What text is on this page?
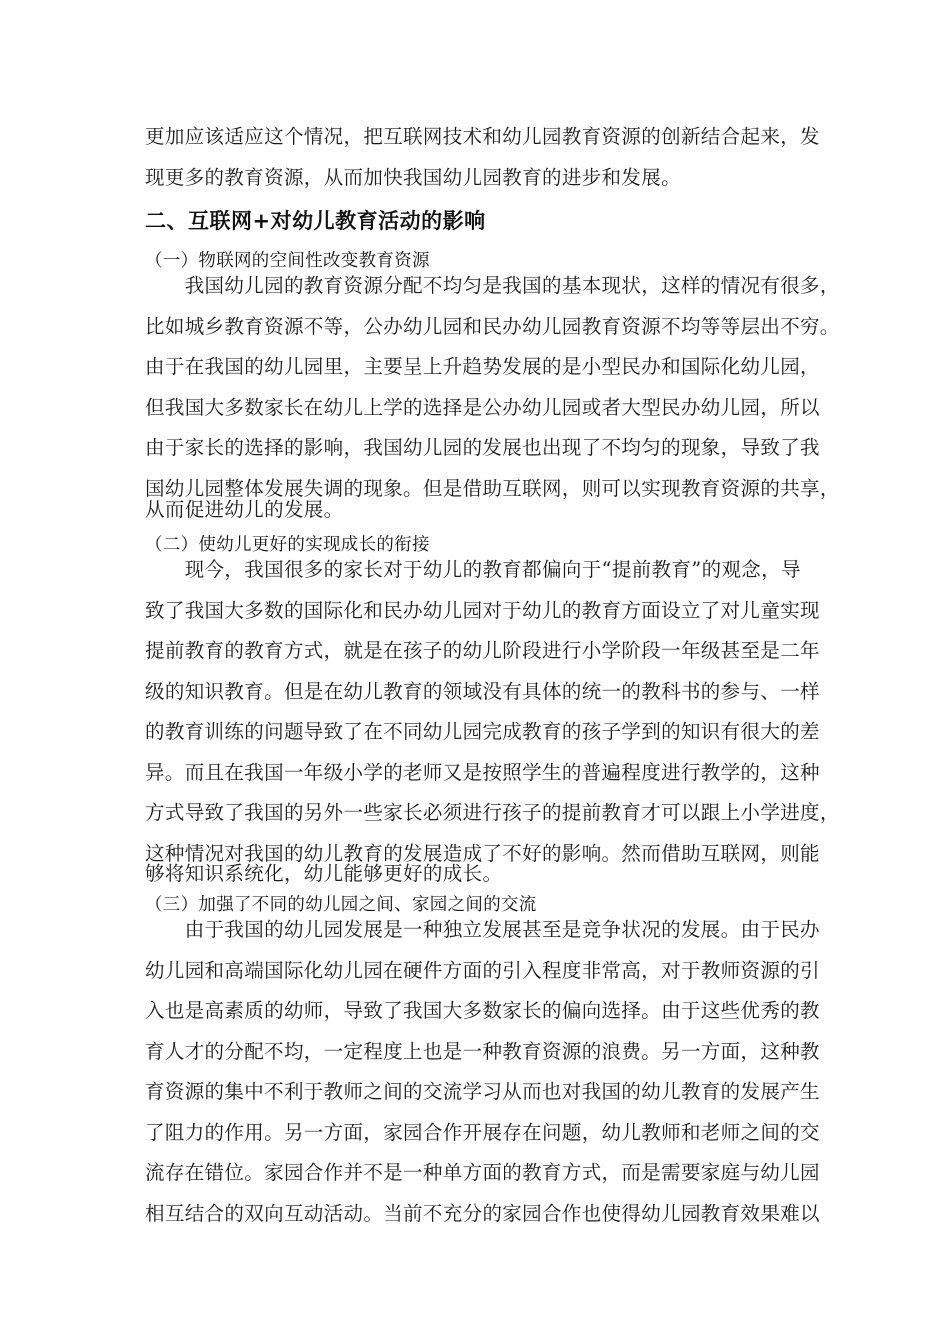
更加应该适应这个情况，把互联网技术和幼儿园教育资源的创新结合起来，发
现更多的教育资源，从而加快我国幼儿园教育的进步和发展。
二、互联网+对幼儿教育活动的影响
（一）物联网的空间性改变教育资源
　　我国幼儿园的教育资源分配不均匀是我国的基本现状，这样的情况有很多，
比如城乡教育资源不等，公办幼儿园和民办幼儿园教育资源不均等等层出不穷。
由于在我国的幼儿园里，主要呈上升趋势发展的是小型民办和国际化幼儿园，
但我国大多数家长在幼儿上学的选择是公办幼儿园或者大型民办幼儿园，所以
由于家长的选择的影响，我国幼儿园的发展也出现了不均匀的现象，导致了我
国幼儿园整体发展失调的现象。但是借助互联网，则可以实现教育资源的共享，
从而促进幼儿的发展。
（二）使幼儿更好的实现成长的衔接
　　现今，我国很多的家长对于幼儿的教育都偏向于“提前教育”的观念，导
致了我国大多数的国际化和民办幼儿园对于幼儿的教育方面设立了对儿童实现
提前教育的教育方式，就是在孩子的幼儿阶段进行小学阶段一年级甚至是二年
级的知识教育。但是在幼儿教育的领域没有具体的统一的教科书的参与、一样
的教育训练的问题导致了在不同幼儿园完成教育的孩子学到的知识有很大的差
异。而且在我国一年级小学的老师又是按照学生的普遍程度进行教学的，这种
方式导致了我国的另外一些家长必须进行孩子的提前教育才可以跟上小学进度，
这种情况对我国的幼儿教育的发展造成了不好的影响。然而借助互联网，则能
够将知识系统化，幼儿能够更好的成长。
（三）加强了不同的幼儿园之间、家园之间的交流
　　由于我国的幼儿园发展是一种独立发展甚至是竞争状况的发展。由于民办
幼儿园和高端国际化幼儿园在硬件方面的引入程度非常高，对于教师资源的引
入也是高素质的幼师，导致了我国大多数家长的偏向选择。由于这些优秀的教
育人才的分配不均，一定程度上也是一种教育资源的浪费。另一方面，这种教
育资源的集中不利于教师之间的交流学习从而也对我国的幼儿教育的发展产生
了阻力的作用。另一方面，家园合作开展存在问题，幼儿教师和老师之间的交
流存在错位。家园合作并不是一种单方面的教育方式，而是需要家庭与幼儿园
相互结合的双向互动活动。当前不充分的家园合作也使得幼儿园教育效果难以
